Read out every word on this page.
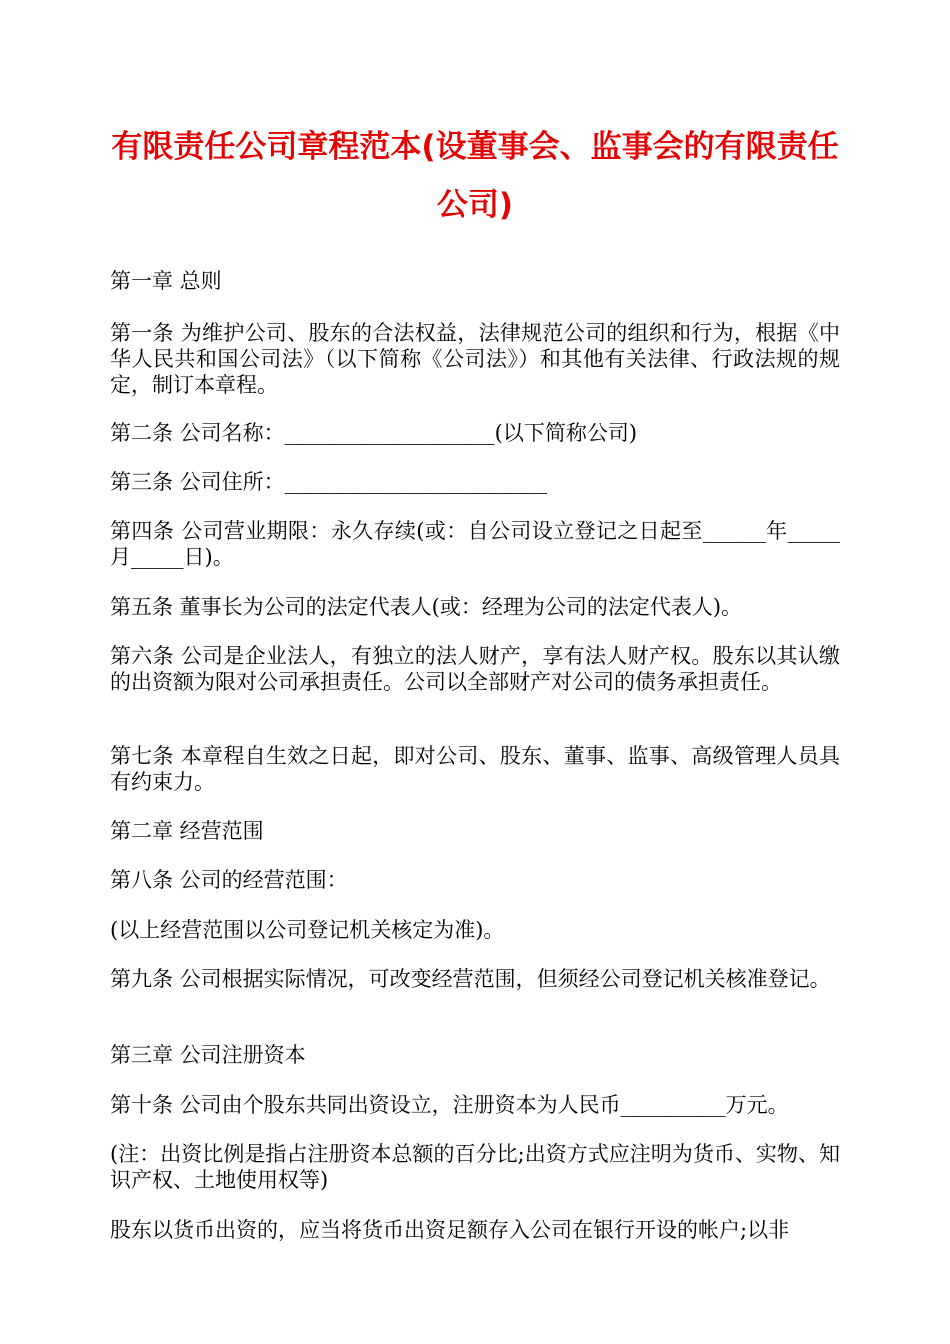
有限责任公司章程范本(设董事会、监事会的有限责任公司)

第一章 总则

第一条 为维护公司、股东的合法权益，法律规范公司的组织和行为，根据《中华人民共和国公司法》（以下简称《公司法》）和其他有关法律、行政法规的规定，制订本章程。

第二条 公司名称：____________________(以下简称公司)

第三条 公司住所：_________________________

第四条 公司营业期限：永久存续(或：自公司设立登记之日起至______年_____月_____日)。

第五条 董事长为公司的法定代表人(或：经理为公司的法定代表人)。

第六条 公司是企业法人，有独立的法人财产，享有法人财产权。股东以其认缴的出资额为限对公司承担责任。公司以全部财产对公司的债务承担责任。

第七条 本章程自生效之日起，即对公司、股东、董事、监事、高级管理人员具有约束力。

第二章 经营范围

第八条 公司的经营范围：

(以上经营范围以公司登记机关核定为准)。

第九条 公司根据实际情况，可改变经营范围，但须经公司登记机关核准登记。

第三章 公司注册资本

第十条 公司由个股东共同出资设立，注册资本为人民币__________万元。

(注：出资比例是指占注册资本总额的百分比;出资方式应注明为货币、实物、知识产权、土地使用权等)

股东以货币出资的，应当将货币出资足额存入公司在银行开设的帐户;以非
